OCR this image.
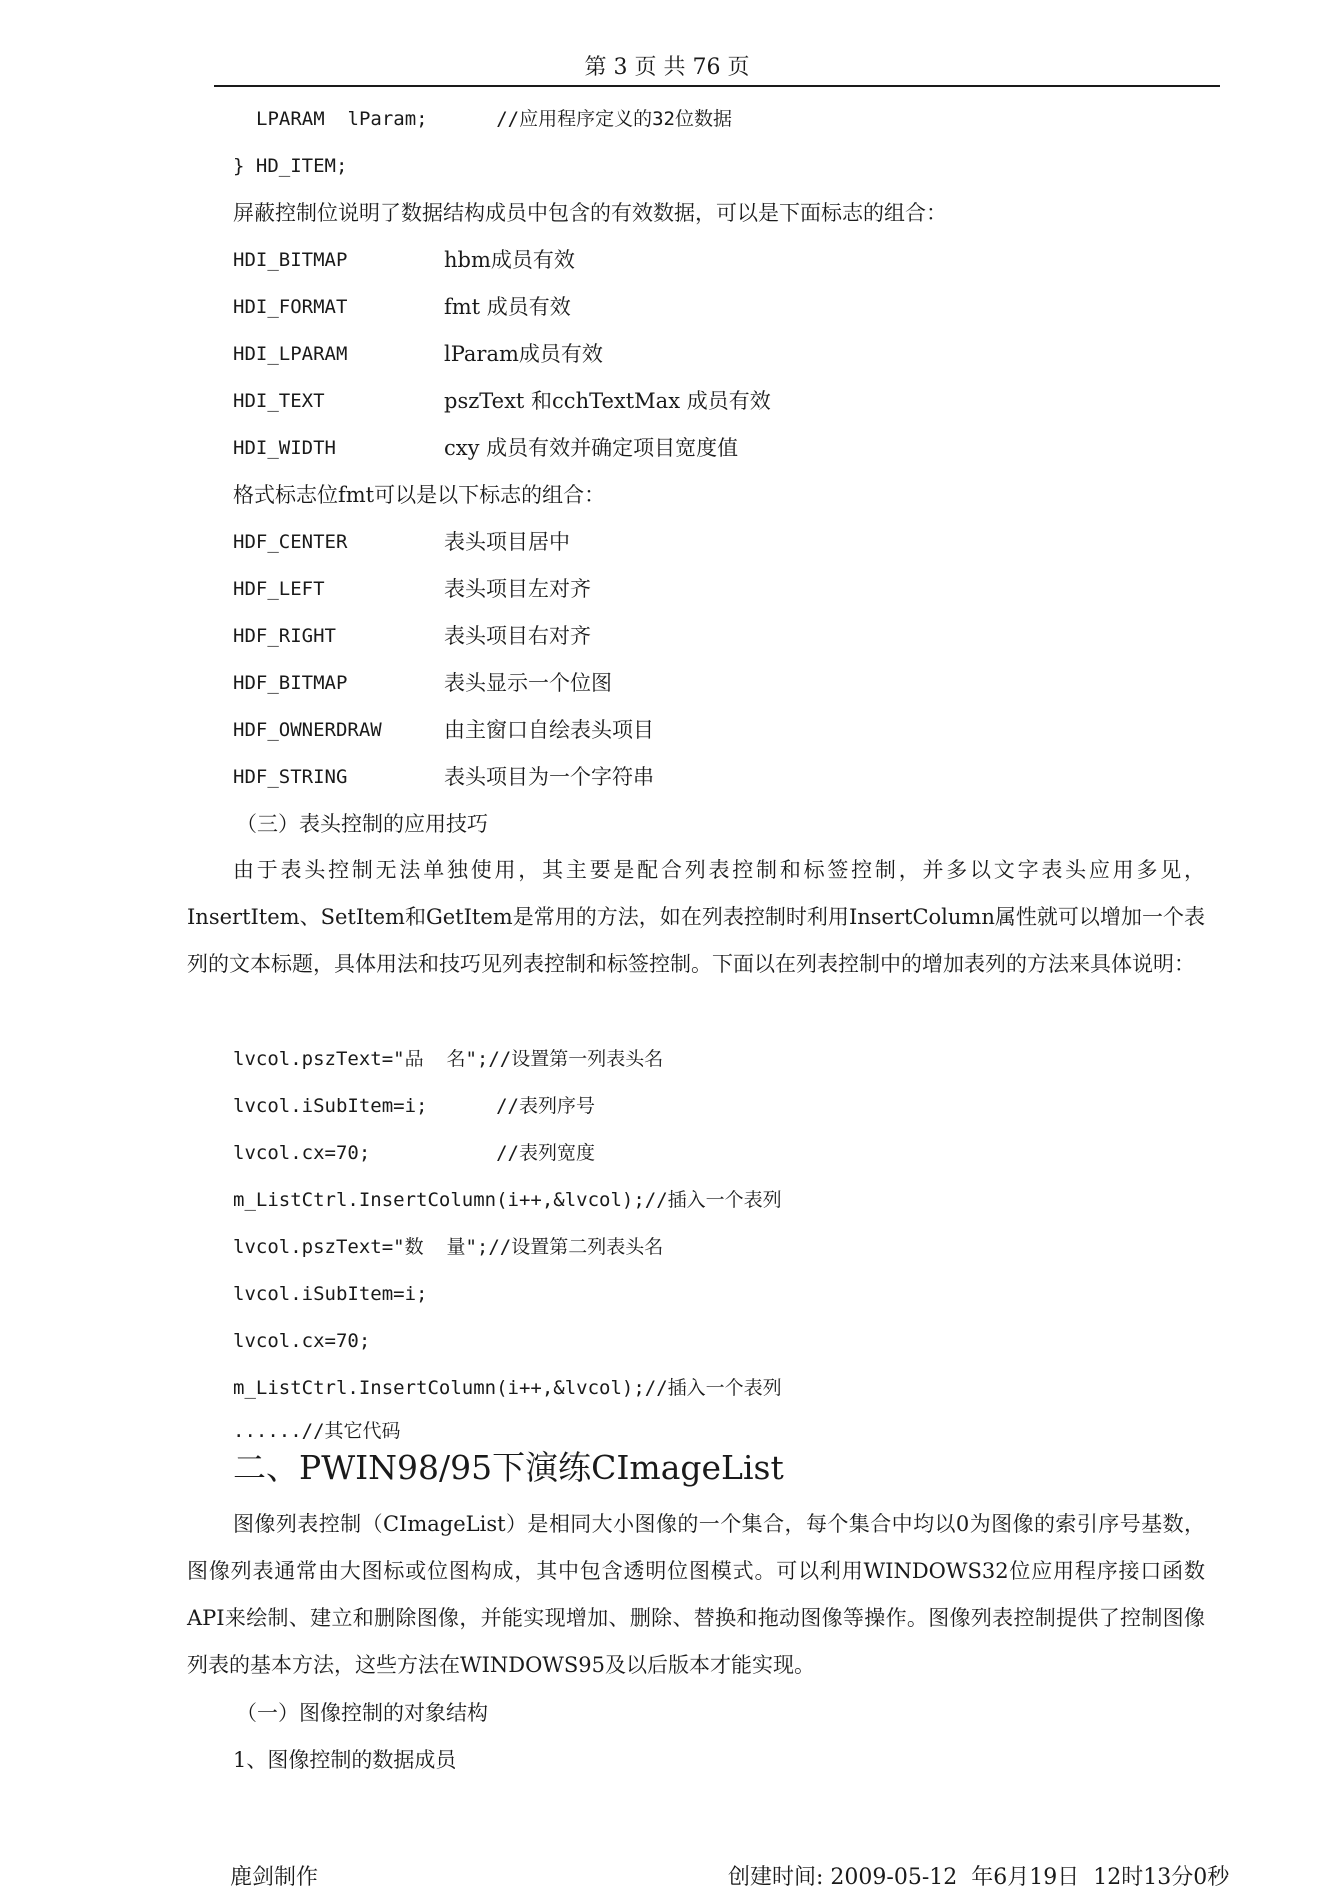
第 3 页 共 76 页
LPARAM  lParam;      //应用程序定义的32位数据
} HD_ITEM;
屏蔽控制位说明了数据结构成员中包含的有效数据，可以是下面标志的组合：
HDI_BITMAP	hbm成员有效
HDI_FORMAT	fmt 成员有效
HDI_LPARAM	lParam成员有效
HDI_TEXT	pszText 和cchTextMax 成员有效
HDI_WIDTH	cxy 成员有效并确定项目宽度值
格式标志位fmt可以是以下标志的组合：
HDF_CENTER	表头项目居中
HDF_LEFT	表头项目左对齐
HDF_RIGHT	表头项目右对齐
HDF_BITMAP	表头显示一个位图
HDF_OWNERDRAW	由主窗口自绘表头项目
HDF_STRING	表头项目为一个字符串
（三）表头控制的应用技巧
由于表头控制无法单独使用，其主要是配合列表控制和标签控制，并多以文字表头应用多见，InsertItem、SetItem和GetItem是常用的方法，如在列表控制时利用InsertColumn属性就可以增加一个表列的文本标题，具体用法和技巧见列表控制和标签控制。下面以在列表控制中的增加表列的方法来具体说明：
lvcol.pszText="品  名";//设置第一列表头名
lvcol.iSubItem=i;      //表列序号
lvcol.cx=70;           //表列宽度
m_ListCtrl.InsertColumn(i++,&lvcol);//插入一个表列
lvcol.pszText="数  量";//设置第二列表头名
lvcol.iSubItem=i;
lvcol.cx=70;
m_ListCtrl.InsertColumn(i++,&lvcol);//插入一个表列
......//其它代码
二、PWIN98/95下演练CImageList
图像列表控制（CImageList）是相同大小图像的一个集合，每个集合中均以0为图像的索引序号基数，图像列表通常由大图标或位图构成，其中包含透明位图模式。可以利用WINDOWS32位应用程序接口函数API来绘制、建立和删除图像，并能实现增加、删除、替换和拖动图像等操作。图像列表控制提供了控制图像列表的基本方法，这些方法在WINDOWS95及以后版本才能实现。
（一）图像控制的对象结构
1、图像控制的数据成员
鹿剑制作	创建时间: 2009-05-12  年6月19日  12时13分0秒
